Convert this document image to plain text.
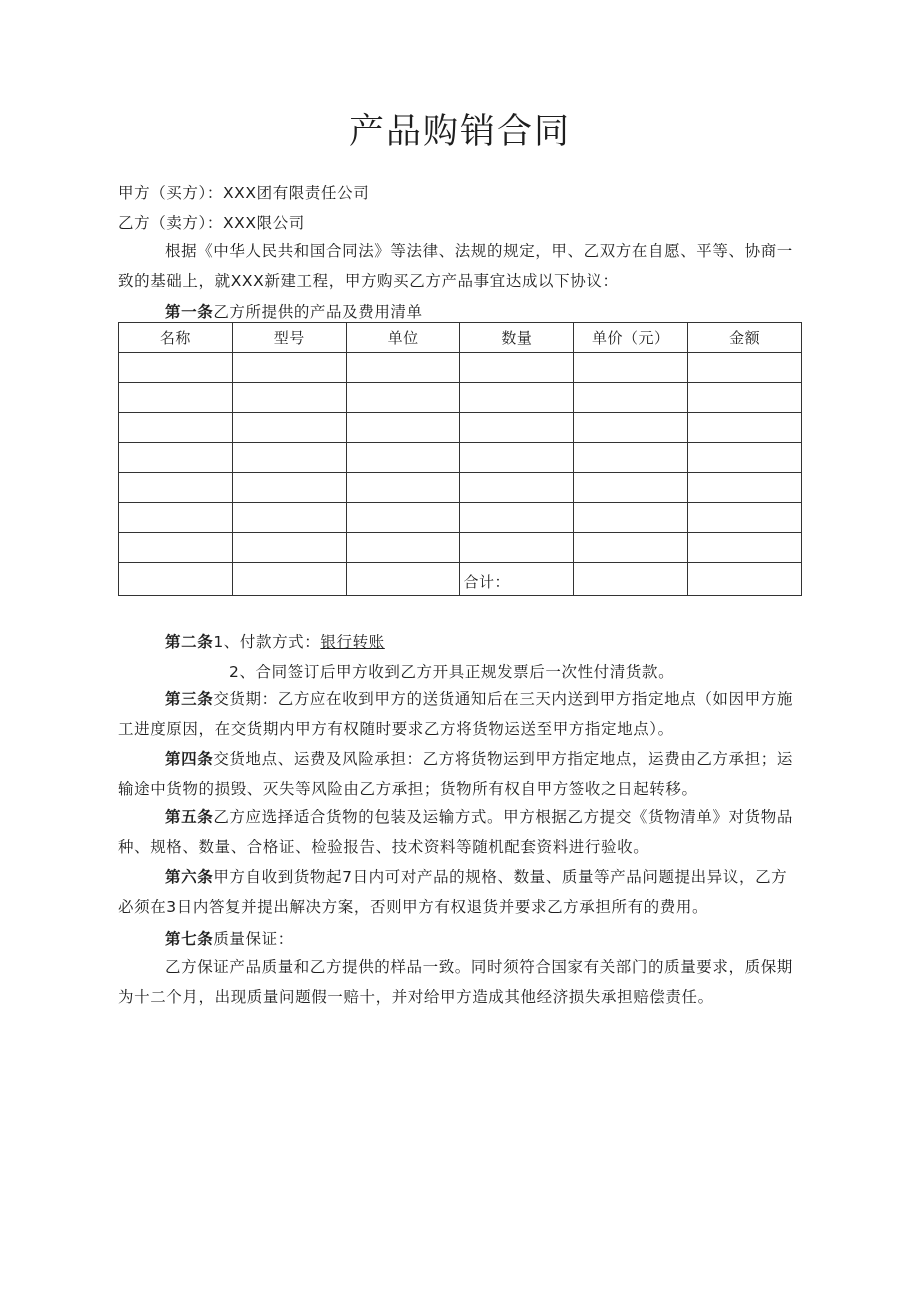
产品购销合同
甲方（买方）：XXX团有限责任公司
乙方（卖方）：XXX限公司
根据《中华人民共和国合同法》等法律、法规的规定，甲、乙双方在自愿、平等、协商一致的基础上，就XXX新建工程，甲方购买乙方产品事宜达成以下协议：
第一条乙方所提供的产品及费用清单
名称	型号	单位	数量	单价（元）	金额

			合计：		
第二条1、付款方式：银行转账
2、合同签订后甲方收到乙方开具正规发票后一次性付清货款。
第三条交货期：乙方应在收到甲方的送货通知后在三天内送到甲方指定地点（如因甲方施工进度原因，在交货期内甲方有权随时要求乙方将货物运送至甲方指定地点）。
第四条交货地点、运费及风险承担：乙方将货物运到甲方指定地点，运费由乙方承担；运输途中货物的损毁、灭失等风险由乙方承担；货物所有权自甲方签收之日起转移。
第五条乙方应选择适合货物的包装及运输方式。甲方根据乙方提交《货物清单》对货物品种、规格、数量、合格证、检验报告、技术资料等随机配套资料进行验收。
第六条甲方自收到货物起7日内可对产品的规格、数量、质量等产品问题提出异议，乙方必须在3日内答复并提出解决方案，否则甲方有权退货并要求乙方承担所有的费用。
第七条质量保证：
乙方保证产品质量和乙方提供的样品一致。同时须符合国家有关部门的质量要求，质保期为十二个月，出现质量问题假一赔十，并对给甲方造成其他经济损失承担赔偿责任。
